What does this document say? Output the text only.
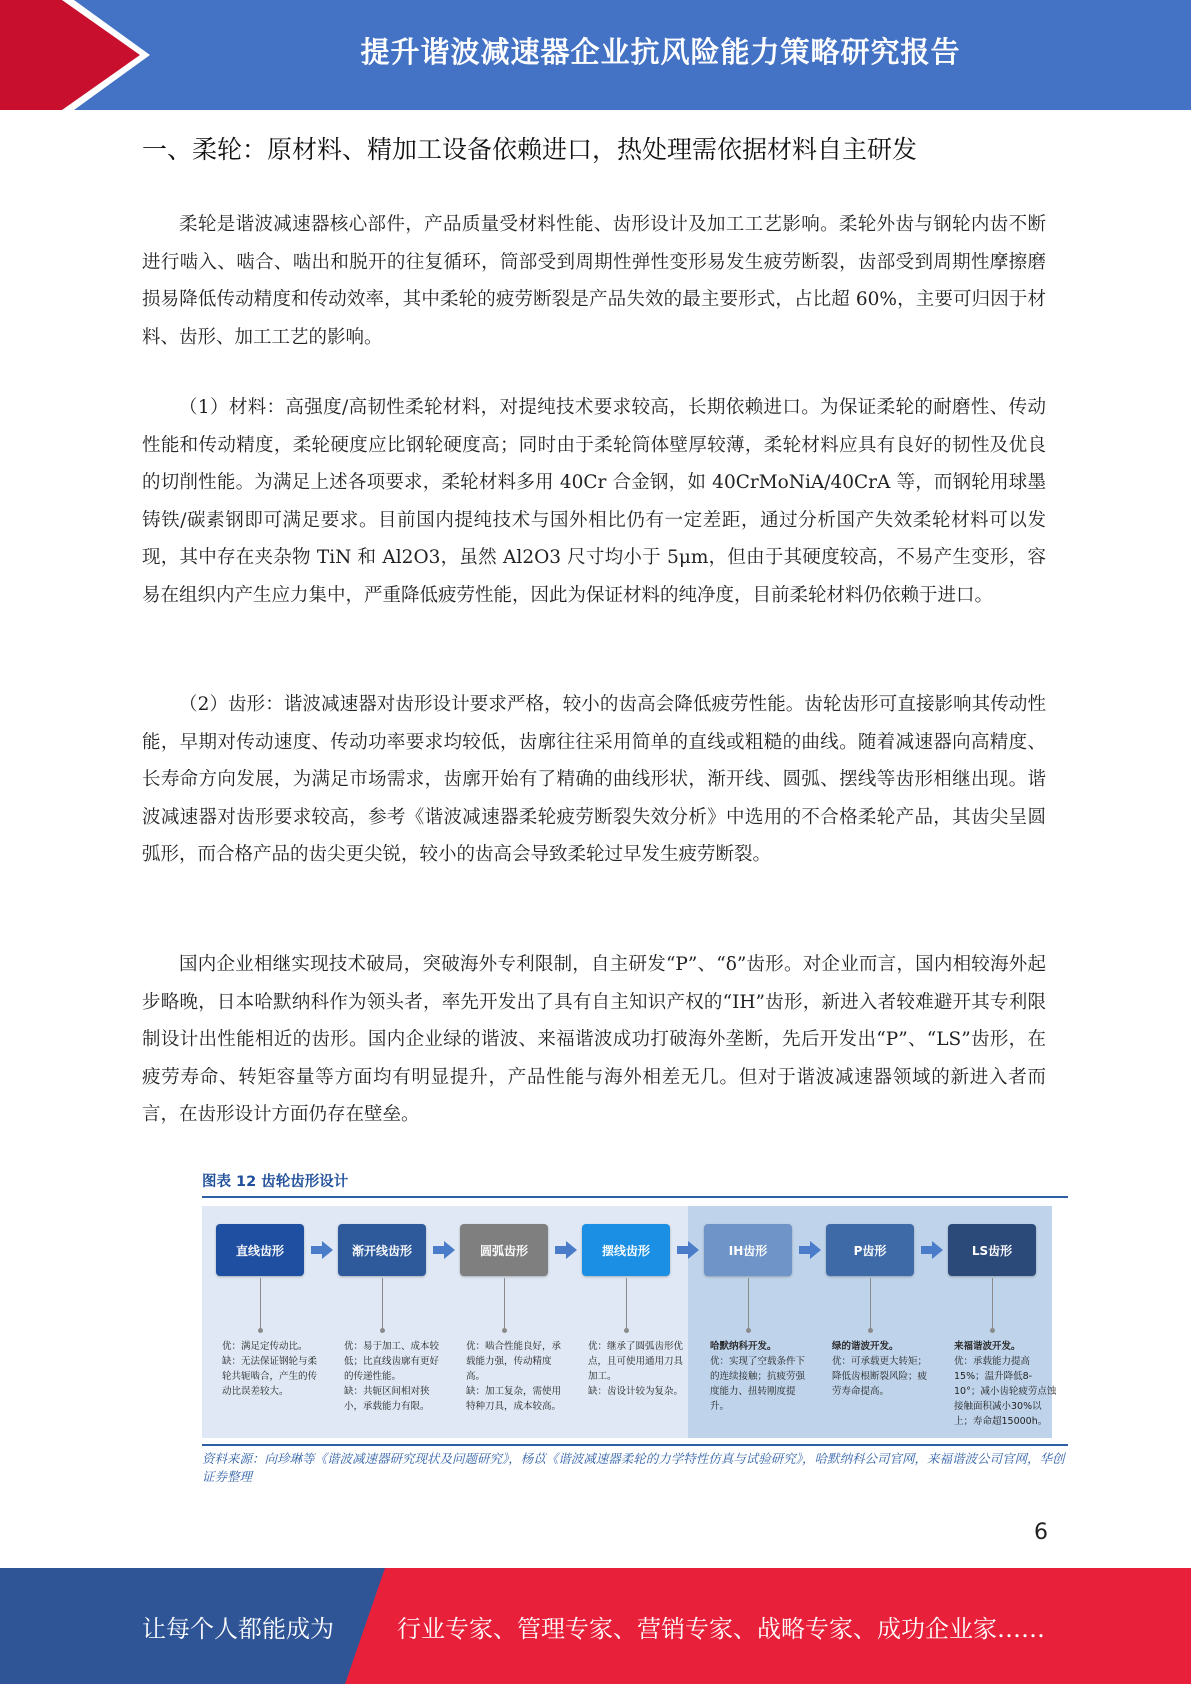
提升谐波减速器企业抗风险能力策略研究报告
一、柔轮：原材料、精加工设备依赖进口，热处理需依据材料自主研发

柔轮是谐波减速器核心部件，产品质量受材料性能、齿形设计及加工工艺影响。柔轮外齿与钢轮内齿不断进行啮入、啮合、啮出和脱开的往复循环，筒部受到周期性弹性变形易发生疲劳断裂，齿部受到周期性摩擦磨损易降低传动精度和传动效率，其中柔轮的疲劳断裂是产品失效的最主要形式，占比超 60%，主要可归因于材料、齿形、加工工艺的影响。

（1）材料：高强度/高韧性柔轮材料，对提纯技术要求较高，长期依赖进口。为保证柔轮的耐磨性、传动性能和传动精度，柔轮硬度应比钢轮硬度高；同时由于柔轮筒体壁厚较薄，柔轮材料应具有良好的韧性及优良的切削性能。为满足上述各项要求，柔轮材料多用 40Cr 合金钢，如 40CrMoNiA/40CrA 等，而钢轮用球墨铸铁/碳素钢即可满足要求。目前国内提纯技术与国外相比仍有一定差距，通过分析国产失效柔轮材料可以发现，其中存在夹杂物 TiN 和 Al2O3，虽然 Al2O3 尺寸均小于 5μm，但由于其硬度较高，不易产生变形，容易在组织内产生应力集中，严重降低疲劳性能，因此为保证材料的纯净度，目前柔轮材料仍依赖于进口。

（2）齿形：谐波减速器对齿形设计要求严格，较小的齿高会降低疲劳性能。齿轮齿形可直接影响其传动性能，早期对传动速度、传动功率要求均较低，齿廓往往采用简单的直线或粗糙的曲线。随着减速器向高精度、长寿命方向发展，为满足市场需求，齿廓开始有了精确的曲线形状，渐开线、圆弧、摆线等齿形相继出现。谐波减速器对齿形要求较高，参考《谐波减速器柔轮疲劳断裂失效分析》中选用的不合格柔轮产品，其齿尖呈圆弧形，而合格产品的齿尖更尖锐，较小的齿高会导致柔轮过早发生疲劳断裂。

国内企业相继实现技术破局，突破海外专利限制，自主研发“P”、“δ”齿形。对企业而言，国内相较海外起步略晚，日本哈默纳科作为领头者，率先开发出了具有自主知识产权的“IH”齿形，新进入者较难避开其专利限制设计出性能相近的齿形。国内企业绿的谐波、来福谐波成功打破海外垄断，先后开发出“P”、“LS”齿形，在疲劳寿命、转矩容量等方面均有明显提升，产品性能与海外相差无几。但对于谐波减速器领域的新进入者而言，在齿形设计方面仍存在壁垒。

图表 12 齿轮齿形设计
直线齿形
优：满足定传动比。
缺：无法保证钢轮与柔轮共轭啮合，产生的传动比误差较大。
渐开线齿形
优：易于加工、成本较低；比直线齿廓有更好的传递性能。
缺：共轭区间相对狭小，承载能力有限。
圆弧齿形
优：啮合性能良好，承载能力强，传动精度高。
缺：加工复杂，需使用特种刀具，成本较高。
摆线齿形
优：继承了圆弧齿形优点，且可使用通用刀具加工。
缺：齿设计较为复杂。
IH齿形
哈默纳科开发。
优：实现了空载条件下的连续接触；抗疲劳强度能力、扭转刚度提升。
P齿形
绿的谐波开发。
优：可承载更大转矩；降低齿根断裂风险；疲劳寿命提高。
LS齿形
来福谐波开发。
优：承载能力提高15%；温升降低8-10°；减小齿轮疲劳点蚀接触面积减小30%以上；寿命超15000h。
资料来源：向珍琳等《谐波减速器研究现状及问题研究》，杨苡《谐波减速器柔轮的力学特性仿真与试验研究》，哈默纳科公司官网，来福谐波公司官网，华创证券整理
6
让每个人都能成为	行业专家、管理专家、营销专家、战略专家、成功企业家……
